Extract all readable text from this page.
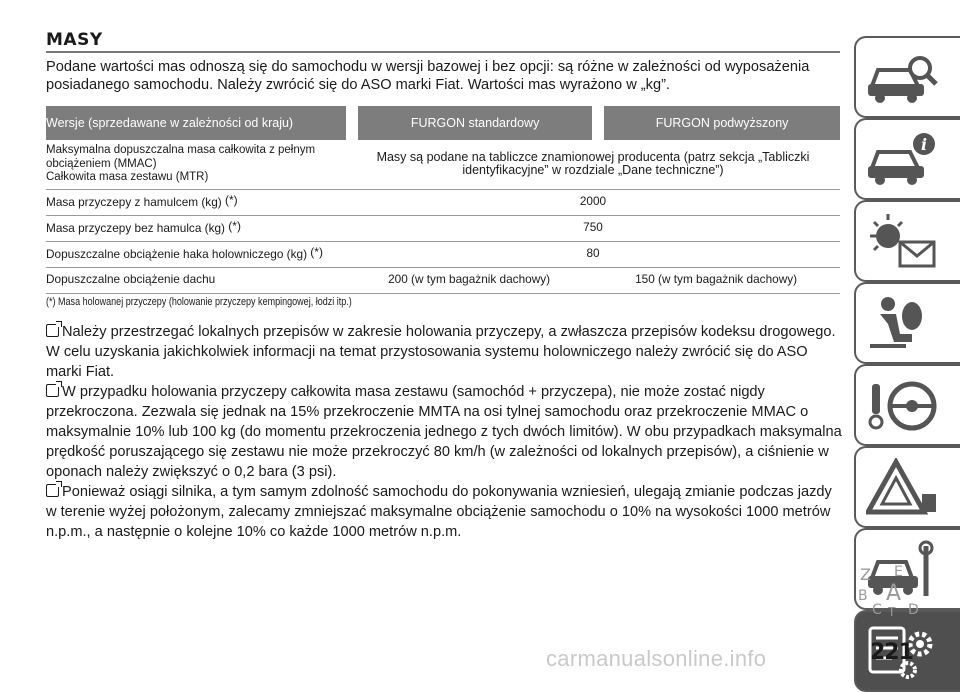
MASY
Podane wartości mas odnoszą się do samochodu w wersji bazowej i bez opcji: są różne w zależności od wyposażenia posiadanego samochodu. Należy zwrócić się do ASO marki Fiat. Wartości mas wyrażono w „kg”.
Wersje (sprzedawane w zależności od kraju)		FURGON standardowy		FURGON podwyższony
Maksymalna dopuszczalna masa całkowita z pełnym obciążeniem (MMAC)
Całkowita masa zestawu (MTR)	Masy są podane na tabliczce znamionowej producenta (patrz sekcja „Tabliczki identyfikacyjne” w rozdziale „Dane techniczne”)			
Masa przyczepy z hamulcem (kg) (*)	2000			
Masa przyczepy bez hamulca (kg) (*)	750			
Dopuszczalne obciążenie haka holowniczego (kg) (*)	80			
Dopuszczalne obciążenie dachu	200 (w tym bagażnik dachowy)		150 (w tym bagażnik dachowy)	
(*) Masa holowanej przyczepy (holowanie przyczepy kempingowej, łodzi itp.)

Należy przestrzegać lokalnych przepisów w zakresie holowania przyczepy, a zwłaszcza przepisów kodeksu drogowego. W celu uzyskania jakichkolwiek informacji na temat przystosowania systemu holowniczego należy zwrócić się do ASO marki Fiat.

W przypadku holowania przyczepy całkowita masa zestawu (samochód + przyczepa), nie może zostać nigdy przekroczona. Zezwala się jednak na 15% przekroczenie MMTA na osi tylnej samochodu oraz przekroczenie MMAC o maksymalnie 10% lub 100 kg (do momentu przekroczenia jednego z tych dwóch limitów). W obu przypadkach maksymalna prędkość poruszającego się zestawu nie może przekroczyć 80 km/h (w zależności od lokalnych przepisów), a ciśnienie w oponach należy zwiększyć o 0,2 bara (3 psi).

Ponieważ osiągi silnika, a tym samym zdolność samochodu do pokonywania wzniesień, ulegają zmianie podczas jazdy w terenie wyżej położonym, zalecamy zmniejszać maksymalne obciążenie samochodu o 10% na wysokości 1000 metrów n.p.m., a następnie o kolejne 10% co każde 1000 metrów n.p.m.

i
Z E
B A
C T D
carmanualsonline.info	221
